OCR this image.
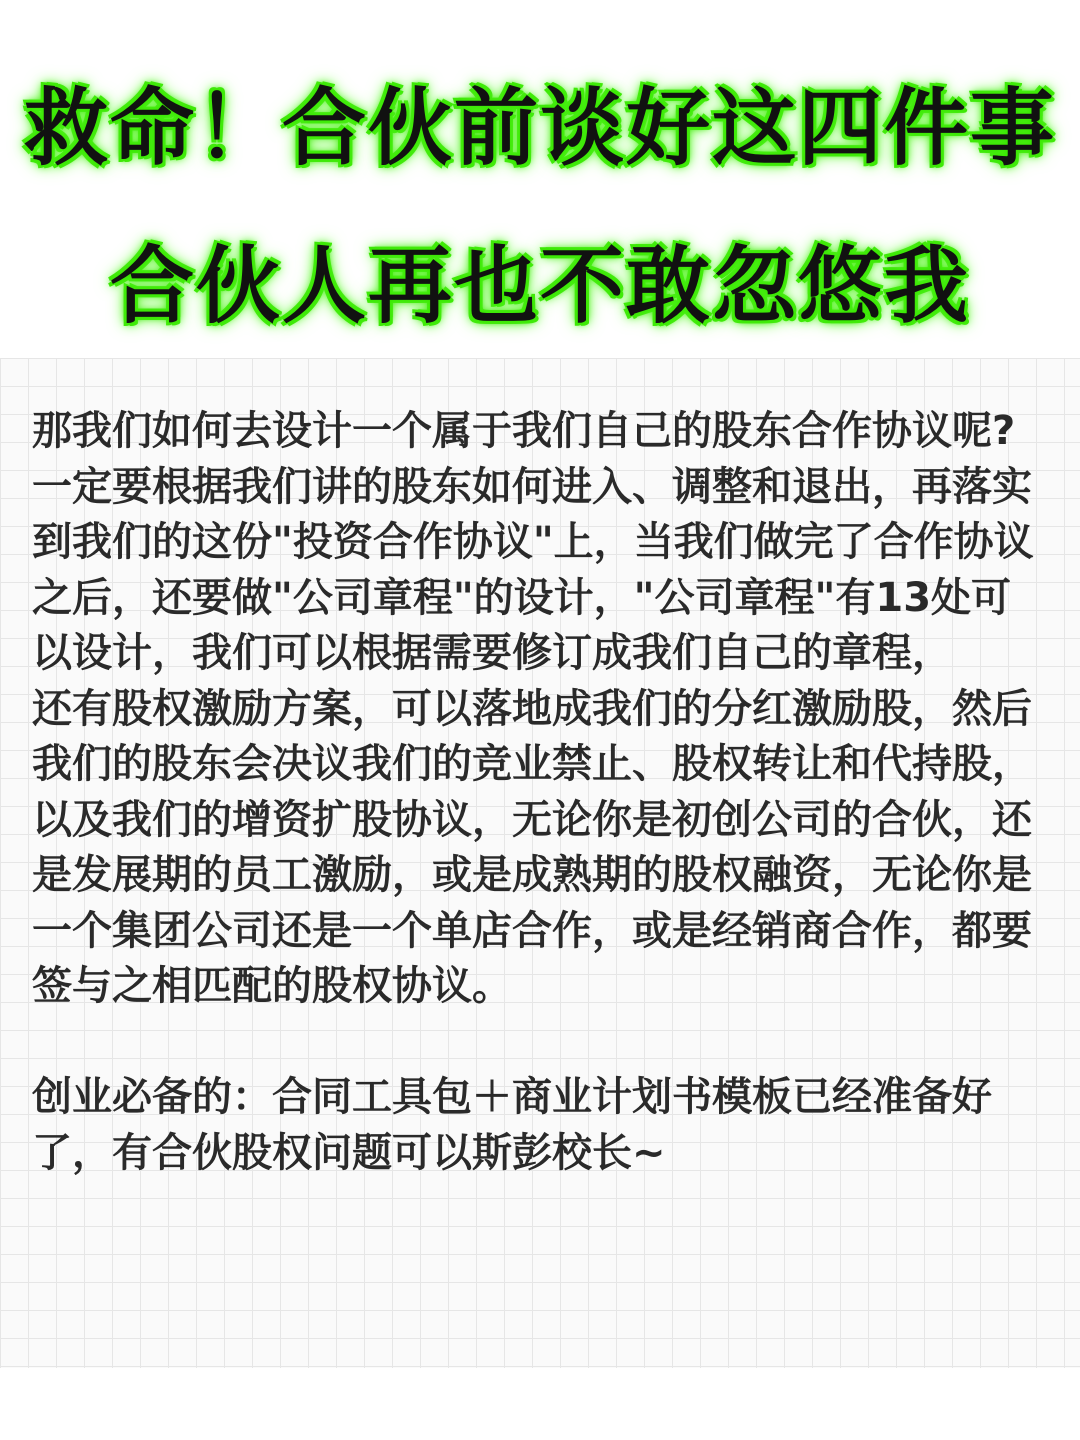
救命！合伙前谈好这四件事
合伙人再也不敢忽悠我

那我们如何去设计一个属于我们自己的股东合作协议呢?

一定要根据我们讲的股东如何进入、调整和退出，再落实到我们的这份"投资合作协议"上，当我们做完了合作协议之后，还要做"公司章程"的设计，"公司章程"有13处可以设计，我们可以根据需要修订成我们自己的章程，

还有股权激励方案，可以落地成我们的分红激励股，然后我们的股东会决议我们的竞业禁止、股权转让和代持股，以及我们的增资扩股协议，无论你是初创公司的合伙，还是发展期的员工激励，或是成熟期的股权融资，无论你是一个集团公司还是一个单店合作，或是经销商合作，都要签与之相匹配的股权协议。

创业必备的：合同工具包＋商业计划书模板已经准备好了，有合伙股权问题可以斯彭校长~
